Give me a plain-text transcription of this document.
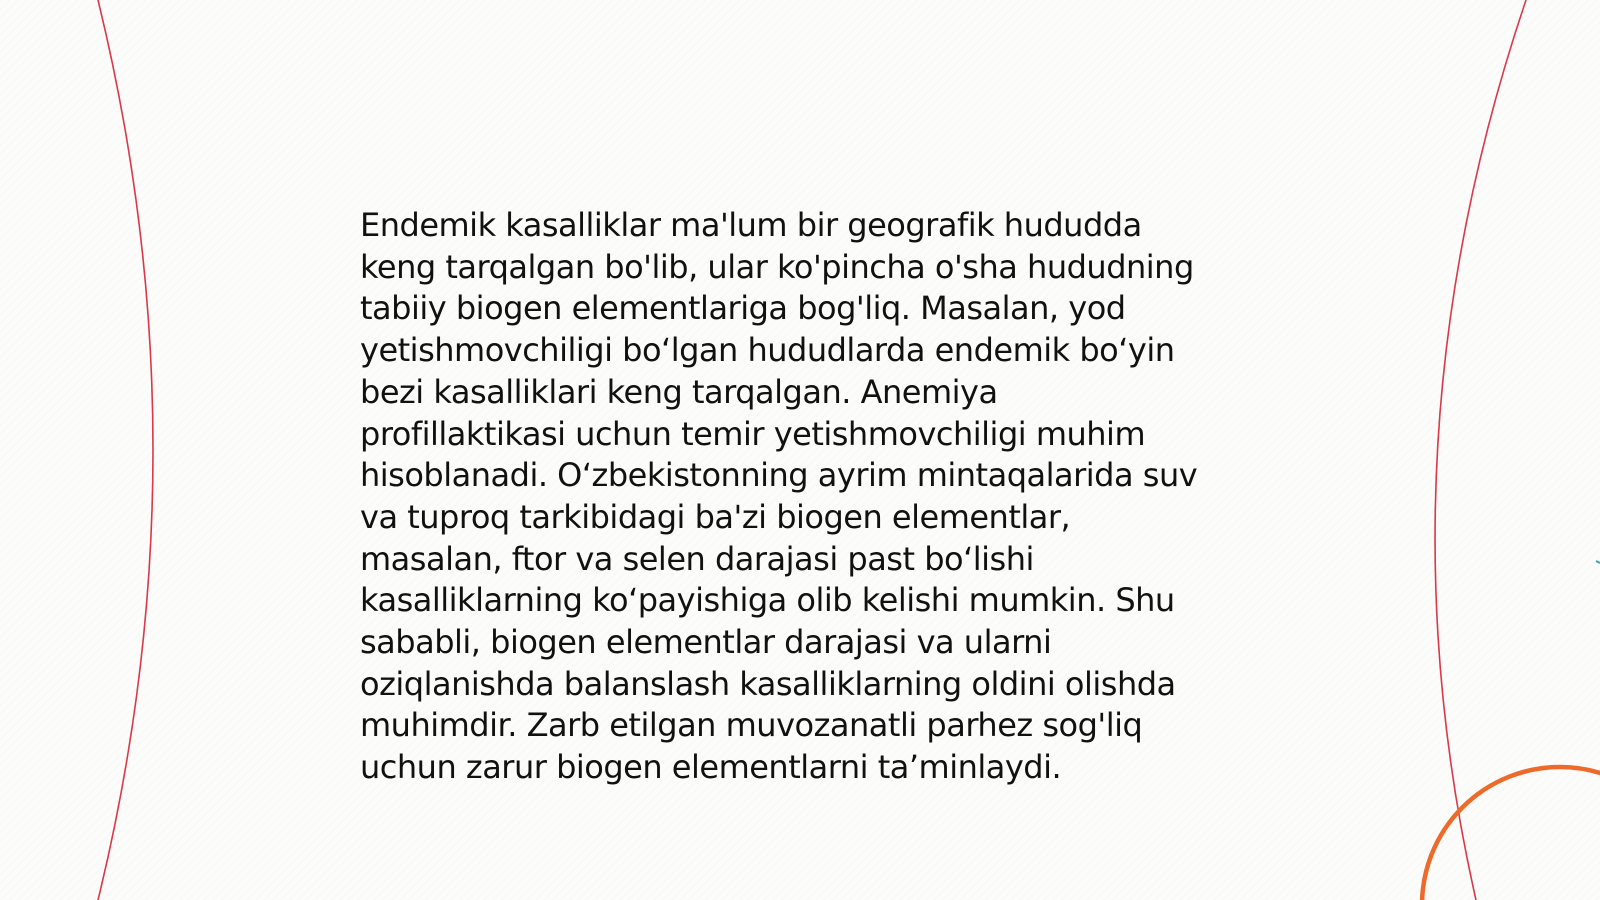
Endemik kasalliklar ma'lum bir geografik hududda
keng tarqalgan bo'lib, ular ko'pincha o'sha hududning
tabiiy biogen elementlariga bog'liq. Masalan, yod
yetishmovchiligi bo‘lgan hududlarda endemik bo‘yin
bezi kasalliklari keng tarqalgan. Anemiya
profillaktikasi uchun temir yetishmovchiligi muhim
hisoblanadi. O‘zbekistonning ayrim mintaqalarida suv
va tuproq tarkibidagi ba'zi biogen elementlar,
masalan, ftor va selen darajasi past bo‘lishi
kasalliklarning ko‘payishiga olib kelishi mumkin. Shu
sababli, biogen elementlar darajasi va ularni
oziqlanishda balanslash kasalliklarning oldini olishda
muhimdir. Zarb etilgan muvozanatli parhez sog'liq
uchun zarur biogen elementlarni ta’minlaydi.
